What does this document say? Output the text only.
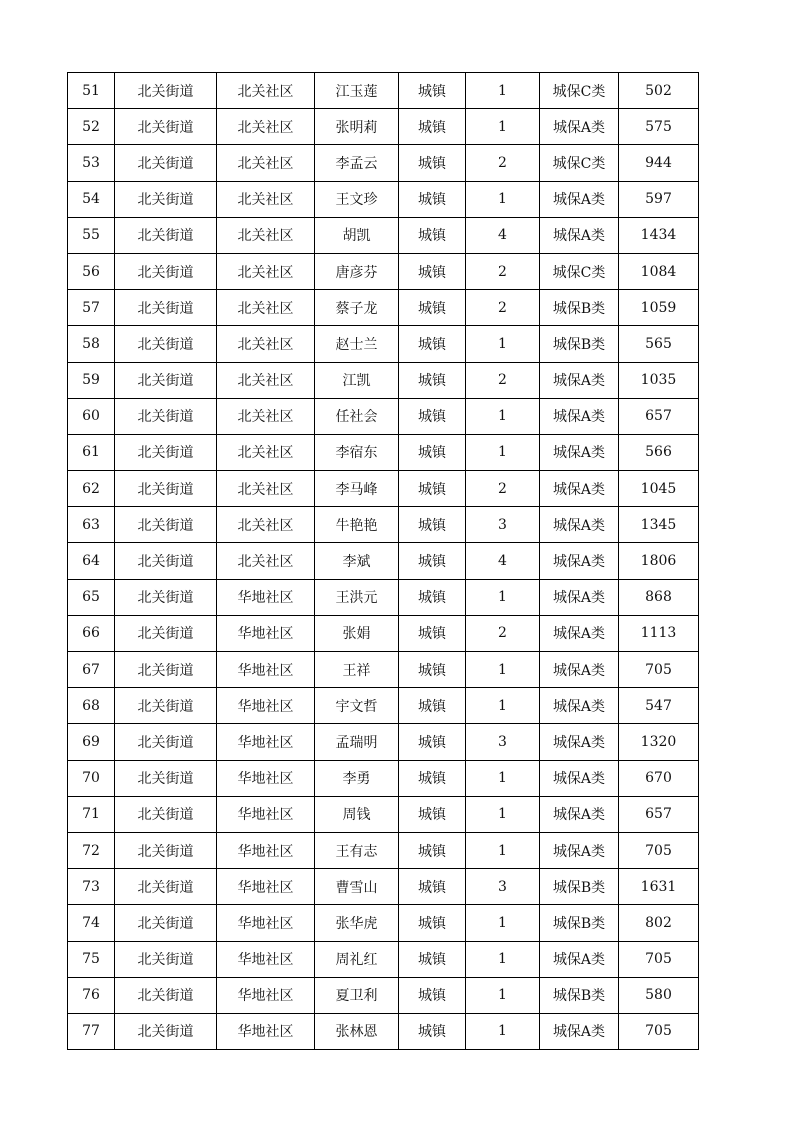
51	北关街道	北关社区	江玉莲	城镇	1	城保C类	502
52	北关街道	北关社区	张明莉	城镇	1	城保A类	575
53	北关街道	北关社区	李孟云	城镇	2	城保C类	944
54	北关街道	北关社区	王文珍	城镇	1	城保A类	597
55	北关街道	北关社区	胡凯	城镇	4	城保A类	1434
56	北关街道	北关社区	唐彦芬	城镇	2	城保C类	1084
57	北关街道	北关社区	蔡子龙	城镇	2	城保B类	1059
58	北关街道	北关社区	赵士兰	城镇	1	城保B类	565
59	北关街道	北关社区	江凯	城镇	2	城保A类	1035
60	北关街道	北关社区	任社会	城镇	1	城保A类	657
61	北关街道	北关社区	李宿东	城镇	1	城保A类	566
62	北关街道	北关社区	李马峰	城镇	2	城保A类	1045
63	北关街道	北关社区	牛艳艳	城镇	3	城保A类	1345
64	北关街道	北关社区	李斌	城镇	4	城保A类	1806
65	北关街道	华地社区	王洪元	城镇	1	城保A类	868
66	北关街道	华地社区	张娟	城镇	2	城保A类	1113
67	北关街道	华地社区	王祥	城镇	1	城保A类	705
68	北关街道	华地社区	宇文哲	城镇	1	城保A类	547
69	北关街道	华地社区	孟瑞明	城镇	3	城保A类	1320
70	北关街道	华地社区	李勇	城镇	1	城保A类	670
71	北关街道	华地社区	周钱	城镇	1	城保A类	657
72	北关街道	华地社区	王有志	城镇	1	城保A类	705
73	北关街道	华地社区	曹雪山	城镇	3	城保B类	1631
74	北关街道	华地社区	张华虎	城镇	1	城保B类	802
75	北关街道	华地社区	周礼红	城镇	1	城保A类	705
76	北关街道	华地社区	夏卫利	城镇	1	城保B类	580
77	北关街道	华地社区	张林恩	城镇	1	城保A类	705
